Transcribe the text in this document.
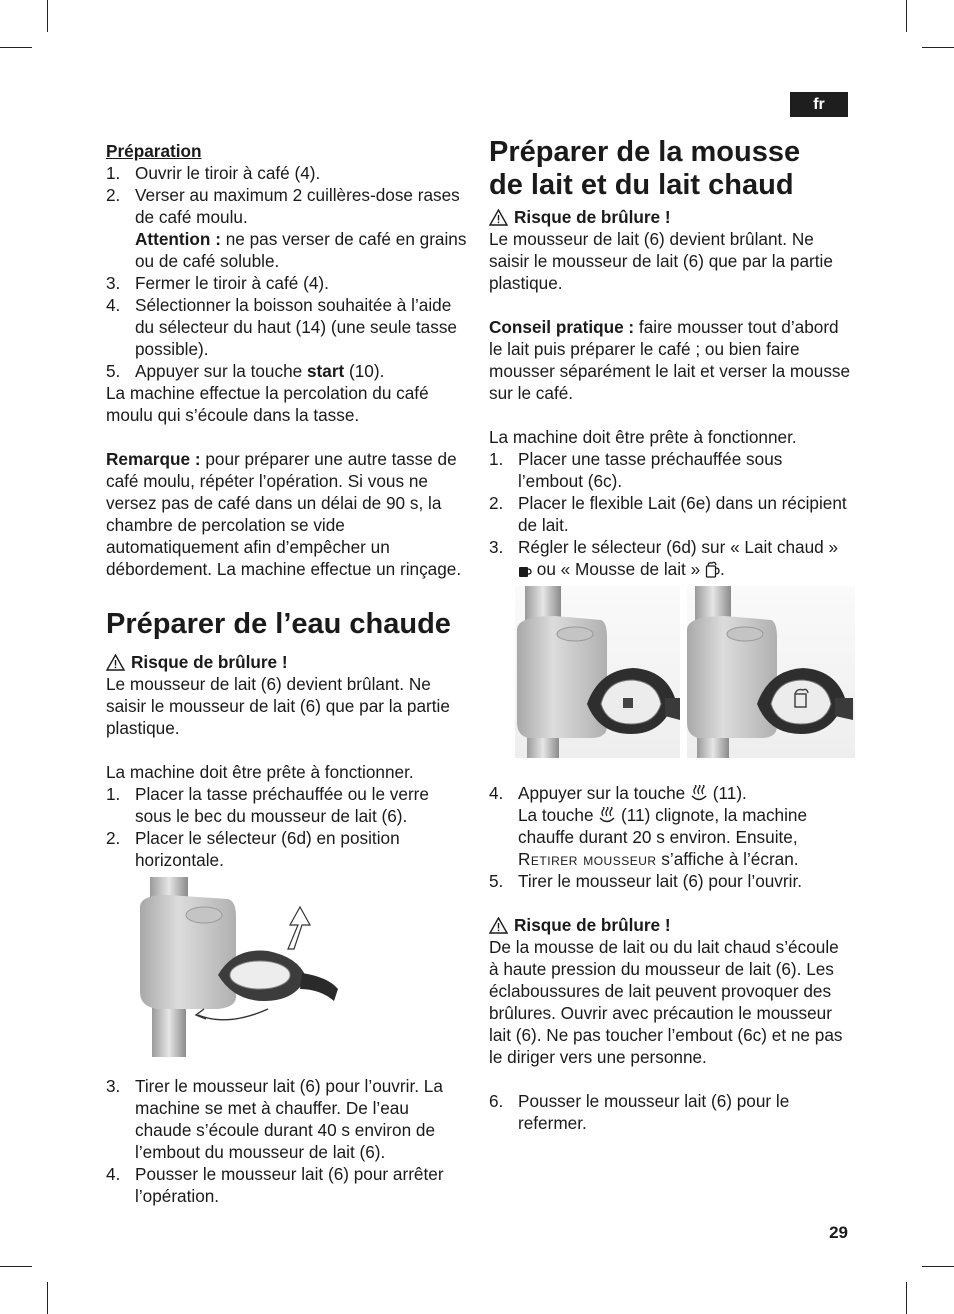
fr
29

Préparation

1. Ouvrir le tiroir à café (4).
2. Verser au maximum 2 cuillères-dose rases de café moulu.
Attention : ne pas verser de café en grains ou de café soluble.
3. Fermer le tiroir à café (4).
4. Sélectionner la boisson souhaitée à l’aide du sélecteur du haut (14) (une seule tasse possible).
5. Appuyer sur la touche start (10).

La machine effectue la percolation du café moulu qui s’écoule dans la tasse.

Remarque : pour préparer une autre tasse de café moulu, répéter l’opération. Si vous ne versez pas de café dans un délai de 90 s, la chambre de percolation se vide automatiquement afin d’empêcher un débordement. La machine effectue un rinçage.

Préparer de l’eau chaude

Risque de brûlure !

Le mousseur de lait (6) devient brûlant. Ne saisir le mousseur de lait (6) que par la partie plastique.

La machine doit être prête à fonctionner.

1. Placer la tasse préchauffée ou le verre sous le bec du mousseur de lait (6).
2. Placer le sélecteur (6d) en position horizontale.
3. Tirer le mousseur lait (6) pour l’ouvrir. La machine se met à chauffer. De l’eau chaude s’écoule durant 40 s environ de l’embout du mousseur de lait (6).
4. Pousser le mousseur lait (6) pour arrêter l’opération.
Préparer de la mousse
de lait et du lait chaud

Risque de brûlure !

Le mousseur de lait (6) devient brûlant. Ne saisir le mousseur de lait (6) que par la partie plastique.

Conseil pratique : faire mousser tout d’abord le lait puis préparer le café ; ou bien faire mousser séparément le lait et verser la mousse sur le café.

La machine doit être prête à fonctionner.

1. Placer une tasse préchauffée sous l’embout (6c).
2. Placer le flexible Lait (6e) dans un récipient de lait.
3. Régler le sélecteur (6d) sur « Lait chaud »  ou « Mousse de lait » .
4. Appuyer sur la touche  (11).
La touche  (11) clignote, la machine chauffe durant 20 s environ. Ensuite, Retirer mousseur s’affiche à l’écran.
5. Tirer le mousseur lait (6) pour l’ouvrir.

Risque de brûlure !

De la mousse de lait ou du lait chaud s’écoule à haute pression du mousseur de lait (6). Les éclaboussures de lait peuvent provoquer des brûlures. Ouvrir avec précaution le mousseur lait (6). Ne pas toucher l’embout (6c) et ne pas le diriger vers une personne.

6. Pousser le mousseur lait (6) pour le refermer.
